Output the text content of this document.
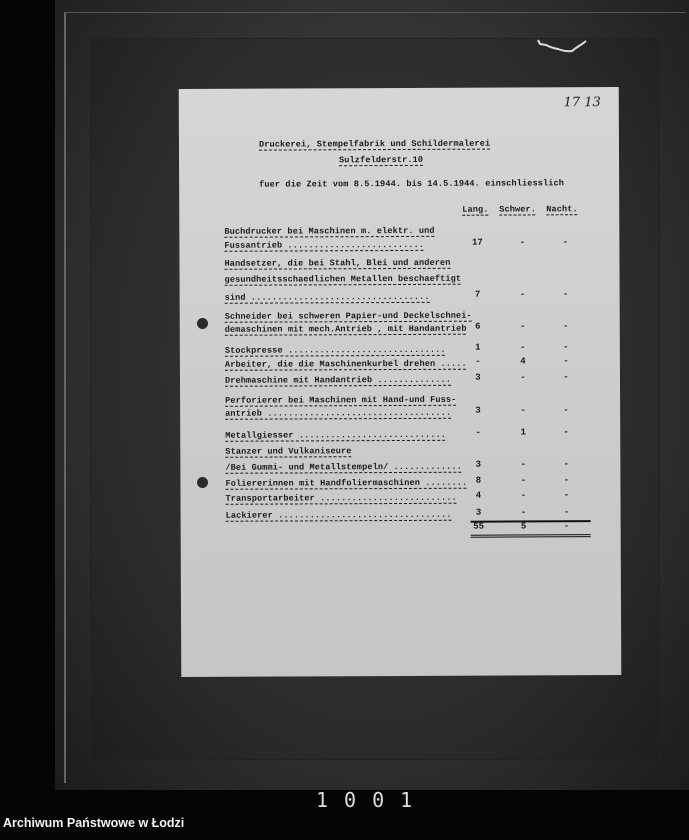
17 13
Druckerei, Stempelfabrik und Schildermalerei
Sulzfelderstr.10
fuer die Zeit vom 8.5.1944. bis 14.5.1944. einschliesslich
Lang. Schwer. Nacht.
Buchdrucker bei Maschinen m. elektr. und
Fussantrieb ..........................	17	-	-
Handsetzer, die bei Stahl, Blei und anderen
gesundheitsschaedlichen Metallen beschaeftigt
sind ..................................	7	-	-
Schneider bei schweren Papier-und Deckelschnei-
demaschinen mit mech.Antrieb , mit Handantrieb 6	-	-
Stockpresse ..............................	1	-	-
Arbeiter, die die Maschinenkurbel drehen ..... -	4	-
Drehmaschine mit Handantrieb ..............	3	-	-
Perforierer bei Maschinen mit Hand-und Fuss-
antrieb ...................................	3	-	-
Metallgiesser ............................	-	1	-
Stanzer und Vulkaniseure
/Bei Gummi- und Metallstempeln/ .............	3	-	-
Foliererinnen mit Handfoliermaschinen ........ 8	-	-
Transportarbeiter ..........................	4	-	-
Lackierer .................................	3	-	-
55	5	-
1001
Archiwum Państwowe w Łodzi
